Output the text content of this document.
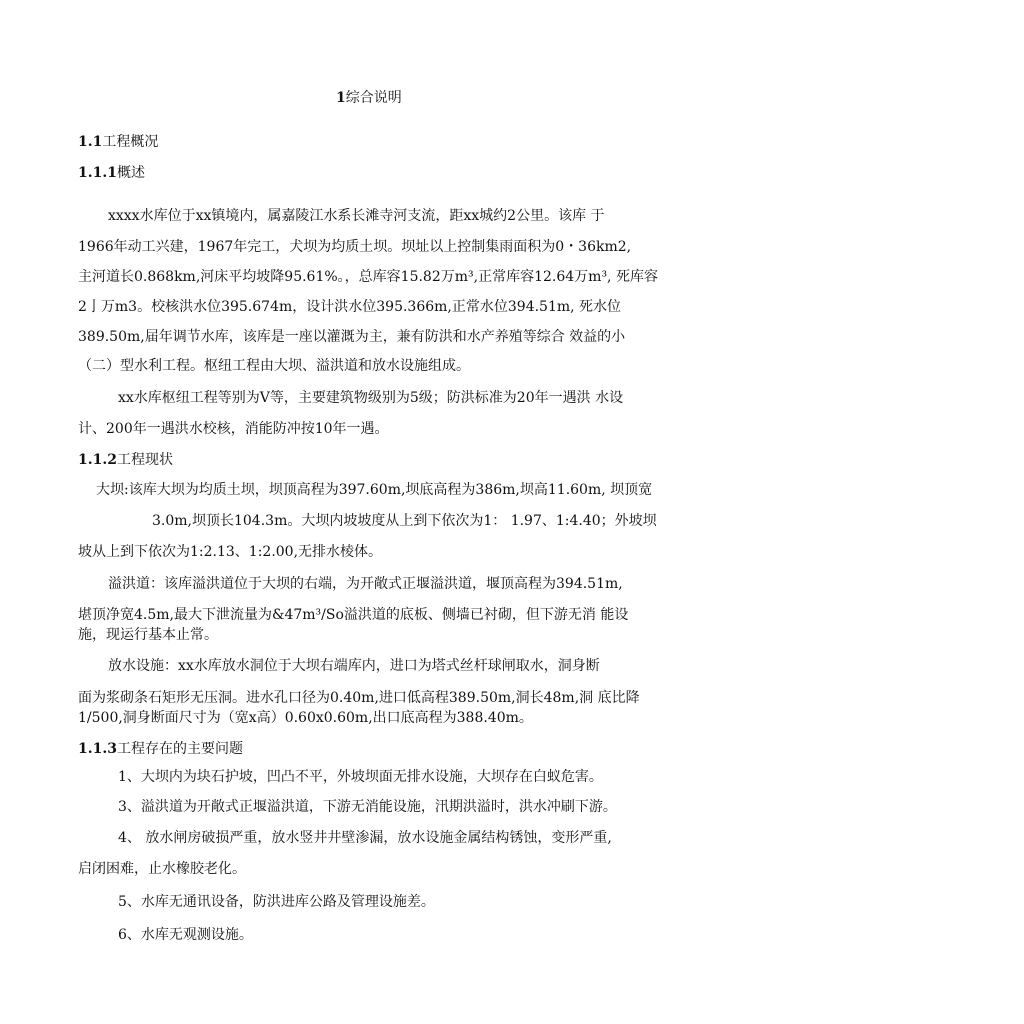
1综合说明
1.1工程概况
1.1.1概述
xxxx水库位于xx镇境内，属嘉陵江水系长滩寺河支流，距xx城约2公里。该库 于
1966年动工兴建，1967年完工，犬坝为均质土坝。坝址以上控制集雨面积为0・36km2,
主河道长0.868km,河床平均坡降95.61%。，总库容15.82万m³,正常库容12.64万m³, 死库容
2亅万m3。校核洪水位395.674m，设计洪水位395.366m,正常水位394.51m, 死水位
389.50m,届年调节水库，该库是一座以灌溉为主，兼有防洪和水产养殖等综合 效益的小
（二）型水利工程。枢纽工程由大坝、溢洪道和放水设施组成。
xx水库枢纽工程等别为V等，主要建筑物级别为5级；防洪标准为20年一遇洪 水设
计、200年一遇洪水校核，消能防冲按10年一遇。
1.1.2工程现状
大坝:该库大坝为均质土坝，坝顶高程为397.60m,坝底高程为386m,坝高11.60m, 坝顶宽
3.0m,坝顶长104.3m。大坝内坡坡度从上到下依次为1： 1.97、1:4.40；外坡坝
坡从上到下依次为1:2.13、1:2.00,无排水棱体。
溢洪道：该库溢洪道位于大坝的右端，为开敞式正堰溢洪道，堰顶高程为394.51m,
堪顶净宽4.5m,最大下泄流量为&47m³/So溢洪道的底板、侧墙已衬砌，但下游无消 能设
施，现运行基本止常。
放水设施：xx水库放水洞位于大坝右端库内，进口为塔式丝杆球闸取水，洞身断
面为浆砌条石矩形无压洞。进水孔口径为0.40m,进口低高程389.50m,洞长48m,洞 底比降
1/500,洞身断面尺寸为（宽x高）0.60x0.60m,出口底高程为388.40m。
1.1.3工程存在的主要问题
1、大坝内为块石护坡，凹凸不平，外坡坝面无排水设施，大坝存在白蚁危害。
3、溢洪道为开敞式正堰溢洪道，下游无消能设施，汛期洪溢时，洪水冲刷下游。
4、 放水闸房破损严重，放水竖井井壁渗漏，放水设施金属结构锈蚀，变形严重,
启闭困难，止水橡胶老化。
5、水库无通讯设备，防洪进库公路及管理设施差。
6、水库无观测设施。
